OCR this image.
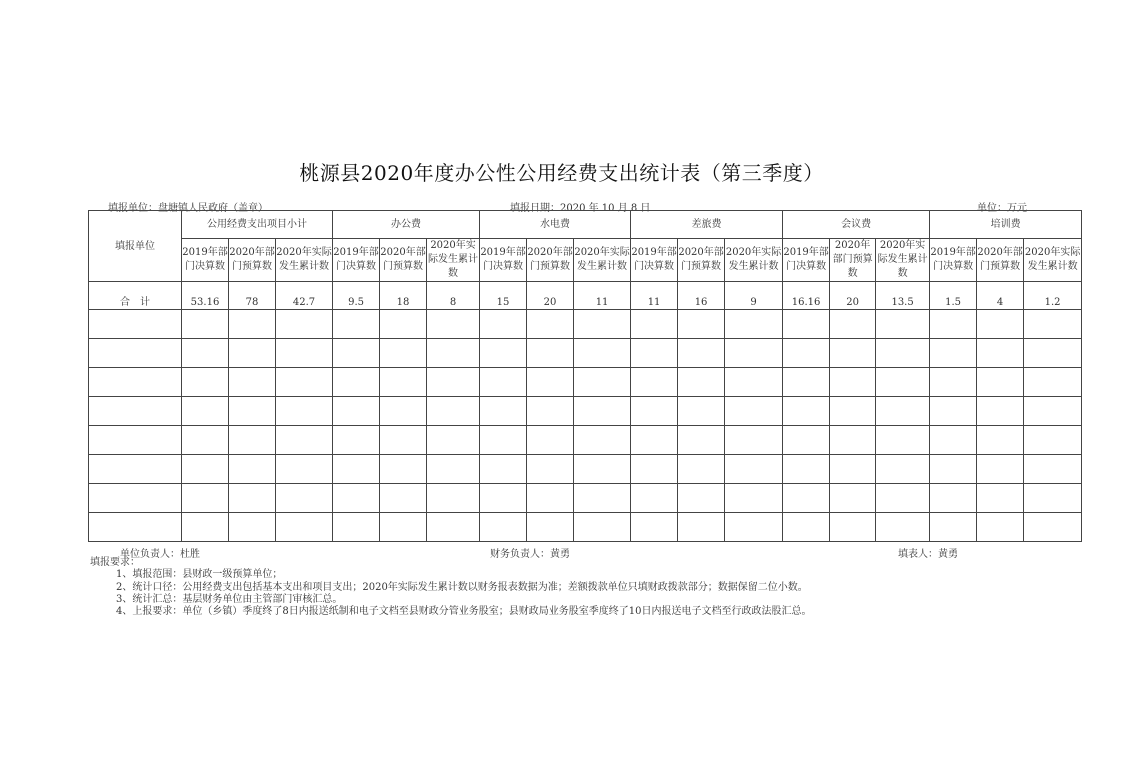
桃源县2020年度办公性公用经费支出统计表（第三季度）
填报单位：盘塘镇人民政府（盖章）	填报日期：2020 年 10 月 8 日	单位：万元
填报单位	公用经费支出项目小计			办公费			水电费			差旅费			会议费			培训费		
	2019年部门决算数	2020年部门预算数	2020年实际发生累计数	2019年部门决算数	2020年部门预算数	2020年实际发生累计数	2019年部门决算数	2020年部门预算数	2020年实际发生累计数	2019年部门决算数	2020年部门预算数	2020年实际发生累计数	2019年部门决算数	2020年部门预算数	2020年实际发生累计数	2019年部门决算数	2020年部门预算数	2020年实际发生累计数
合　计	53.16	78	42.7	9.5	18	8	15	20	11	11	16	9	16.16	20	13.5	1.5	4	1.2

单位负责人：杜胜	财务负责人：黄勇	填表人：黄勇
填报要求：
1、填报范围：县财政一级预算单位；
2、统计口径：公用经费支出包括基本支出和项目支出；2020年实际发生累计数以财务报表数据为准；差额拨款单位只填财政拨款部分；数据保留二位小数。
3、统计汇总：基层财务单位由主管部门审核汇总。
4、上报要求：单位（乡镇）季度终了8日内报送纸制和电子文档至县财政分管业务股室；县财政局业务股室季度终了10日内报送电子文档至行政政法股汇总。
